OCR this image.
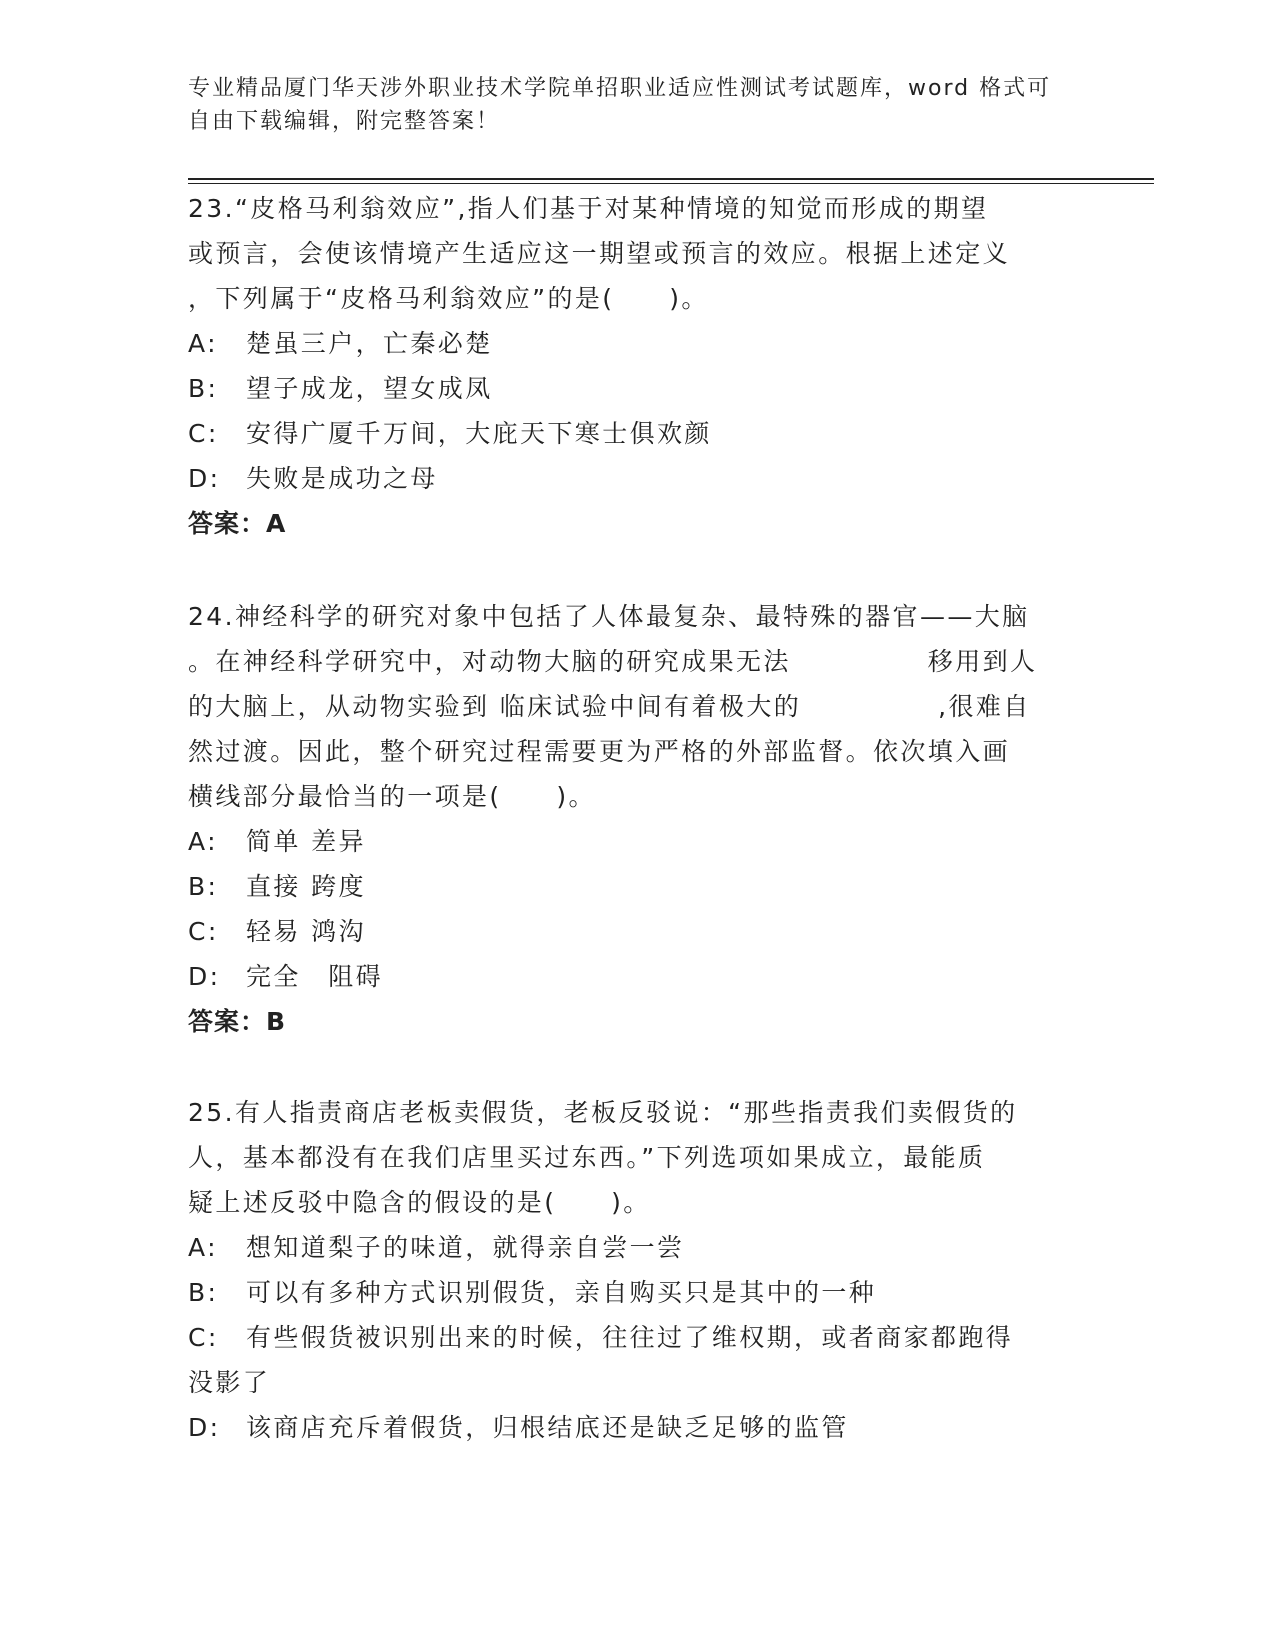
专业精品厦门华天涉外职业技术学院单招职业适应性测试考试题库，word 格式可
自由下载编辑，附完整答案！

23.“皮格马利翁效应”,指人们基于对某种情境的知觉而形成的期望

或预言，会使该情境产生适应这一期望或预言的效应。根据上述定义

，下列属于“皮格马利翁效应”的是(　　)。

A:	楚虽三户，亡秦必楚
B:	望子成龙，望女成凤
C:	安得广厦千万间，大庇天下寒士俱欢颜
D:	失败是成功之母

答案：A

24.神经科学的研究对象中包括了人体最复杂、最特殊的器官——大脑

。在神经科学研究中，对动物大脑的研究成果无法　　　　　移用到人

的大脑上，从动物实验到 临床试验中间有着极大的　　　　　,很难自

然过渡。因此，整个研究过程需要更为严格的外部监督。依次填入画

横线部分最恰当的一项是(　　)。

A:	简单 差异
B:	直接 跨度
C:	轻易 鸿沟
D:	完全　阻碍

答案：B

25.有人指责商店老板卖假货，老板反驳说：“那些指责我们卖假货的

人，基本都没有在我们店里买过东西。”下列选项如果成立，最能质

疑上述反驳中隐含的假设的是(　　)。

A:	想知道梨子的味道，就得亲自尝一尝
B:	可以有多种方式识别假货，亲自购买只是其中的一种
C:	有些假货被识别出来的时候，往往过了维权期，或者商家都跑得
没影了
D:	该商店充斥着假货，归根结底还是缺乏足够的监管
